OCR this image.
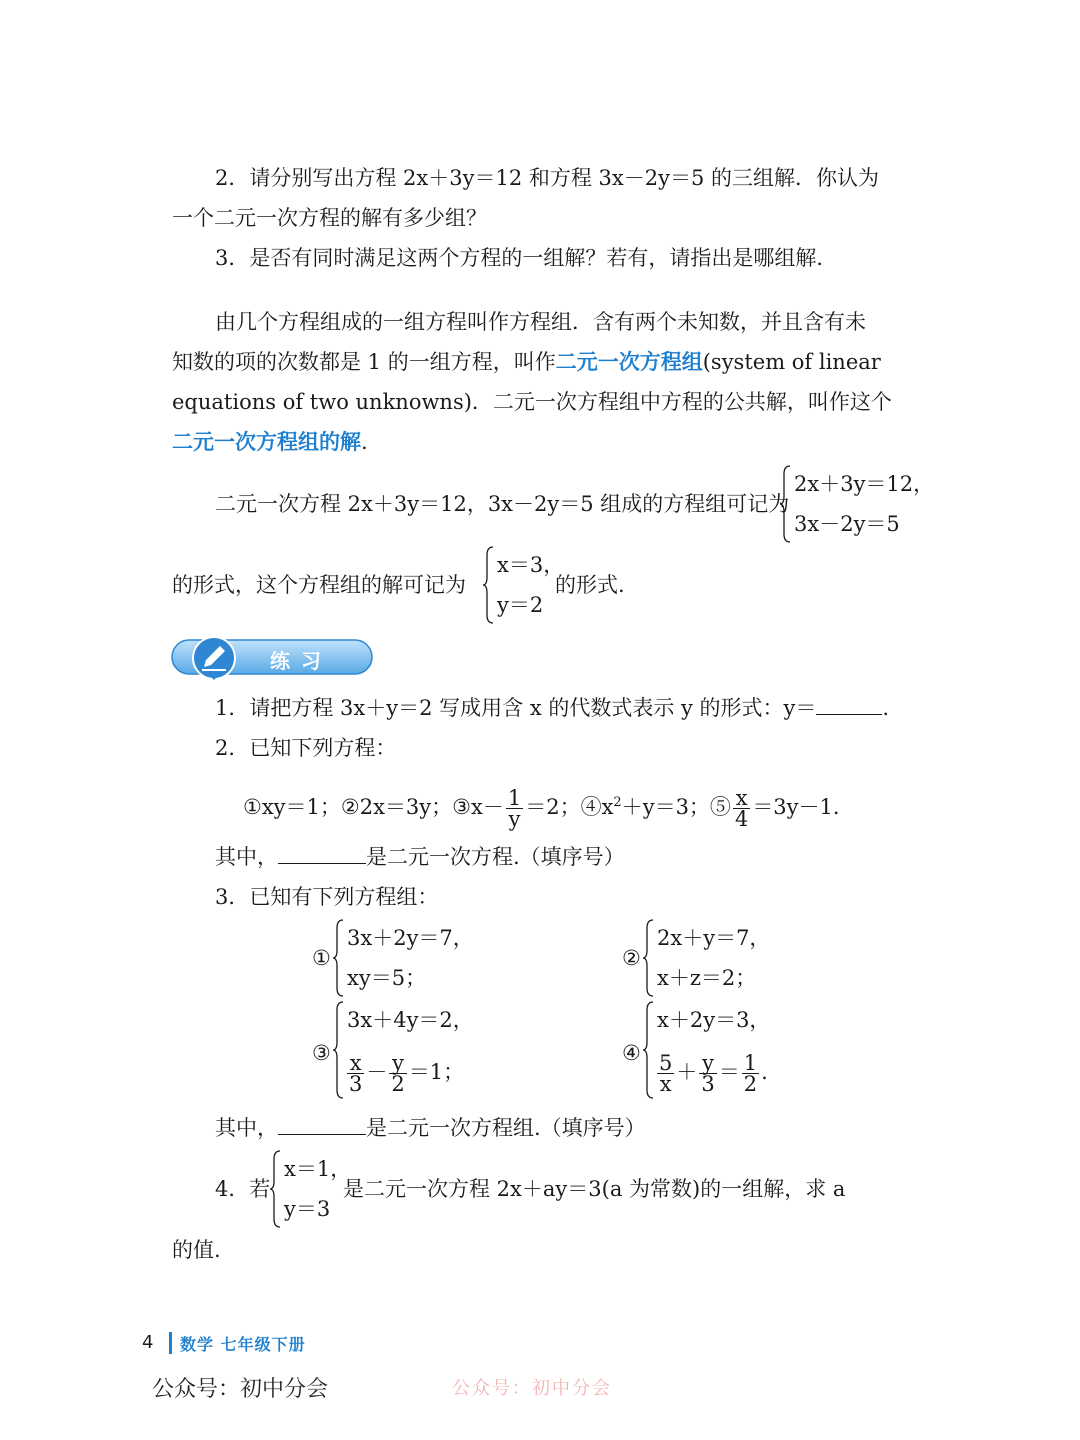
2．请分别写出方程 2x＋3y＝12 和方程 3x－2y＝5 的三组解．你认为
一个二元一次方程的解有多少组？
3．是否有同时满足这两个方程的一组解？若有，请指出是哪组解．
由几个方程组成的一组方程叫作方程组．含有两个未知数，并且含有未
知数的项的次数都是 1 的一组方程，叫作二元一次方程组(system of linear
equations of two unknowns)．二元一次方程组中方程的公共解，叫作这个
二元一次方程组的解.
二元一次方程 2x＋3y＝12，3x－2y＝5 组成的方程组可记为
2x＋3y＝12，
3x－2y＝5
的形式，这个方程组的解可记为
x＝3，
y＝2
的形式.
练 习
1．请把方程 3x＋y＝2 写成用含 x 的代数式表示 y 的形式：y＝	.
2．已知下列方程：
①xy＝1；②2x＝3y；③x－ $\frac{1}{y} =2$；$④x^2+y=3$；⑤ $\frac{x}{4} =3y-1$.
其中，	是二元一次方程.（填序号）
3．已知有下列方程组：
①
3x＋2y＝7，
xy＝5；
②
2x＋y＝7，
x＋z＝2；
③
3x＋4y＝2，
$\frac{x}{3} - \frac{y}{2} =1$；
④
x＋2y＝3，
$\frac{5}{x} + \frac{y}{3} = \frac{1}{2}$ .
其中，	是二元一次方程组.（填序号）
4．若
x＝1，
y＝3
是二元一次方程 2x＋ay＝3(a 为常数)的一组解，求 a
的值.
4 数学 七年级下册
公众号：初中分会	公众号：初中分会
